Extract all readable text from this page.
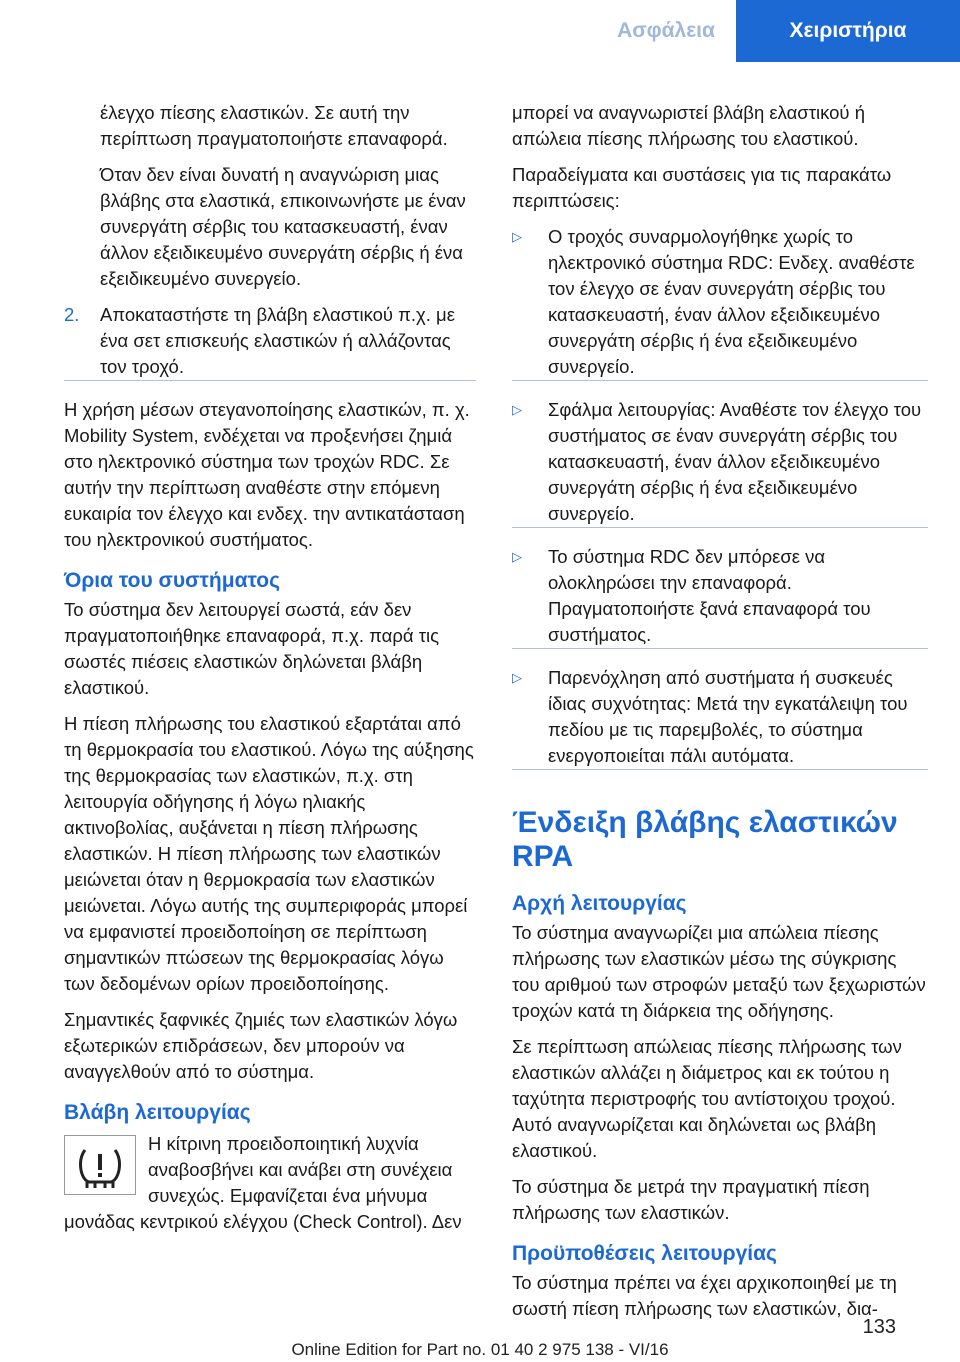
Ασφάλεια	Χειριστήρια

έλεγχο πίεσης ελαστικών. Σε αυτή την περίπτωση πραγματοποιήστε επαναφορά.

Όταν δεν είναι δυνατή η αναγνώριση μιας βλάβης στα ελαστικά, επικοινωνήστε με έναν συνεργάτη σέρβις του κατασκευαστή, έναν άλλον εξειδικευμένο συνεργάτη σέρβις ή ένα εξειδικευμένο συνεργείο.

2.	Αποκαταστήστε τη βλάβη ελαστικού π.χ. με ένα σετ επισκευής ελαστικών ή αλλάζοντας τον τροχό.

Η χρήση μέσων στεγανοποίησης ελαστικών, π. χ. Mobility System, ενδέχεται να προξενήσει ζημιά στο ηλεκτρονικό σύστημα των τροχών RDC. Σε αυτήν την περίπτωση αναθέστε στην επόμενη ευκαιρία τον έλεγχο και ενδεχ. την αντικατάσταση του ηλεκτρονικού συστήματος.

Όρια του συστήματος

Το σύστημα δεν λειτουργεί σωστά, εάν δεν πραγματοποιήθηκε επαναφορά, π.χ. παρά τις σωστές πιέσεις ελαστικών δηλώνεται βλάβη ελαστικού.

Η πίεση πλήρωσης του ελαστικού εξαρτάται από τη θερμοκρασία του ελαστικού. Λόγω της αύξησης της θερμοκρασίας των ελαστικών, π.χ. στη λειτουργία οδήγησης ή λόγω ηλιακής ακτινοβολίας, αυξάνεται η πίεση πλήρωσης ελαστικών. Η πίεση πλήρωσης των ελαστικών μειώνεται όταν η θερμοκρασία των ελαστικών μειώνεται. Λόγω αυτής της συμπεριφοράς μπορεί να εμφανιστεί προειδοποίηση σε περίπτωση σημαντικών πτώσεων της θερμοκρασίας λόγω των δεδομένων ορίων προειδοποίησης.

Σημαντικές ξαφνικές ζημιές των ελαστικών λόγω εξωτερικών επιδράσεων, δεν μπορούν να αναγγελθούν από το σύστημα.

Βλάβη λειτουργίας
Η κίτρινη προειδοποιητική λυχνία αναβοσβήνει και ανάβει στη συνέχεια συνεχώς. Εμφανίζεται ένα μήνυμα μονάδας κεντρικού ελέγχου (Check Control). Δεν

μπορεί να αναγνωριστεί βλάβη ελαστικού ή απώλεια πίεσης πλήρωσης του ελαστικού.

Παραδείγματα και συστάσεις για τις παρακάτω περιπτώσεις:

▷	Ο τροχός συναρμολογήθηκε χωρίς το ηλεκτρονικό σύστημα RDC: Ενδεχ. αναθέστε τον έλεγχο σε έναν συνεργάτη σέρβις του κατασκευαστή, έναν άλλον εξειδικευμένο συνεργάτη σέρβις ή ένα εξειδικευμένο συνεργείο.
▷	Σφάλμα λειτουργίας: Αναθέστε τον έλεγχο του συστήματος σε έναν συνεργάτη σέρβις του κατασκευαστή, έναν άλλον εξειδικευμένο συνεργάτη σέρβις ή ένα εξειδικευμένο συνεργείο.
▷	Το σύστημα RDC δεν μπόρεσε να ολοκληρώσει την επαναφορά. Πραγματοποιήστε ξανά επαναφορά του συστήματος.
▷	Παρενόχληση από συστήματα ή συσκευές ίδιας συχνότητας: Μετά την εγκατάλειψη του πεδίου με τις παρεμβολές, το σύστημα ενεργοποιείται πάλι αυτόματα.
Ένδειξη βλάβης ελαστικών RPA
Αρχή λειτουργίας

Το σύστημα αναγνωρίζει μια απώλεια πίεσης πλήρωσης των ελαστικών μέσω της σύγκρισης του αριθμού των στροφών μεταξύ των ξεχωριστών τροχών κατά τη διάρκεια της οδήγησης.

Σε περίπτωση απώλειας πίεσης πλήρωσης των ελαστικών αλλάζει η διάμετρος και εκ τούτου η ταχύτητα περιστροφής του αντίστοιχου τροχού. Αυτό αναγνωρίζεται και δηλώνεται ως βλάβη ελαστικού.

Το σύστημα δε μετρά την πραγματική πίεση πλήρωσης των ελαστικών.

Προϋποθέσεις λειτουργίας

Το σύστημα πρέπει να έχει αρχικοποιηθεί με τη σωστή πίεση πλήρωσης των ελαστικών, δια-

133
Online Edition for Part no. 01 40 2 975 138 - VI/16
